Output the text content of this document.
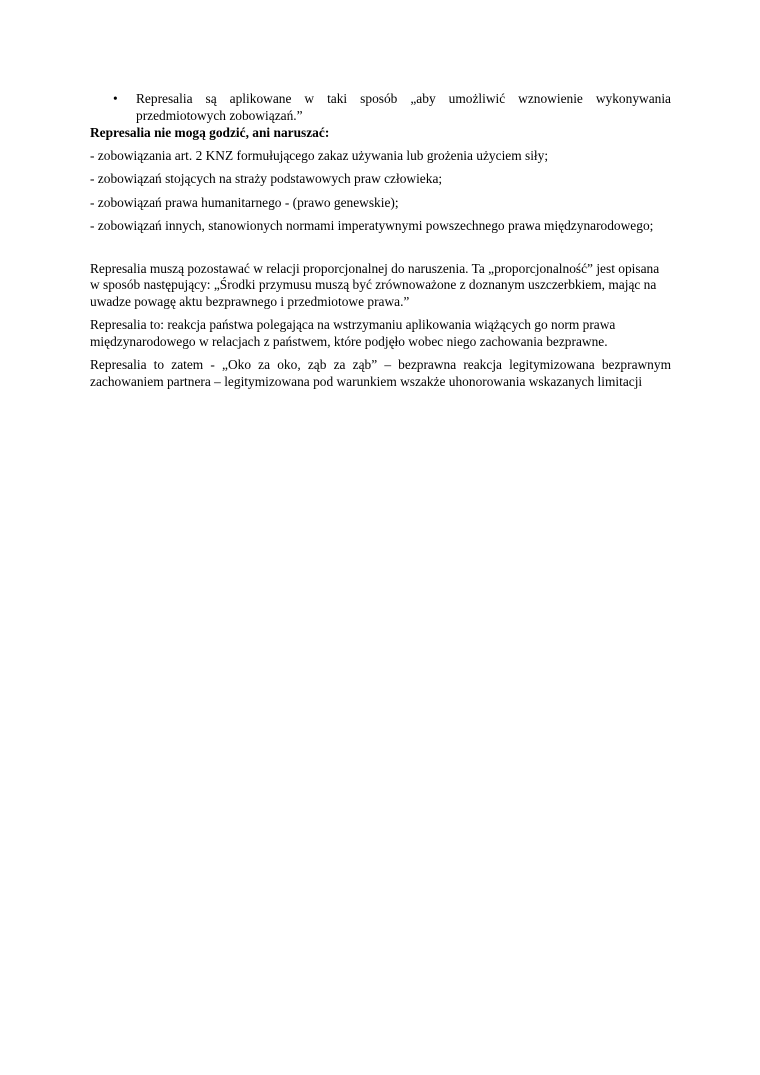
• Represalia są aplikowane w taki sposób „aby umożliwić wznowienie wykonywania przedmiotowych zobowiązań.”
Represalia nie mogą godzić, ani naruszać:
- zobowiązania art. 2 KNZ formułującego zakaz używania lub grożenia użyciem siły;
- zobowiązań stojących na straży podstawowych praw człowieka;
- zobowiązań prawa humanitarnego - (prawo genewskie);
- zobowiązań innych, stanowionych normami imperatywnymi powszechnego prawa międzynarodowego;
Represalia muszą pozostawać w relacji proporcjonalnej do naruszenia. Ta „proporcjonalność” jest opisana w sposób następujący: „Środki przymusu muszą być zrównoważone z doznanym uszczerbkiem, mając na uwadze powagę aktu bezprawnego i przedmiotowe prawa.”
Represalia to: reakcja państwa polegająca na wstrzymaniu aplikowania wiążących go norm prawa międzynarodowego w relacjach z państwem, które podjęło wobec niego zachowania bezprawne.
Represalia to zatem - „Oko za oko, ząb za ząb” – bezprawna reakcja legitymizowana bezprawnym zachowaniem partnera – legitymizowana pod warunkiem wszakże uhonorowania wskazanych limitacji
